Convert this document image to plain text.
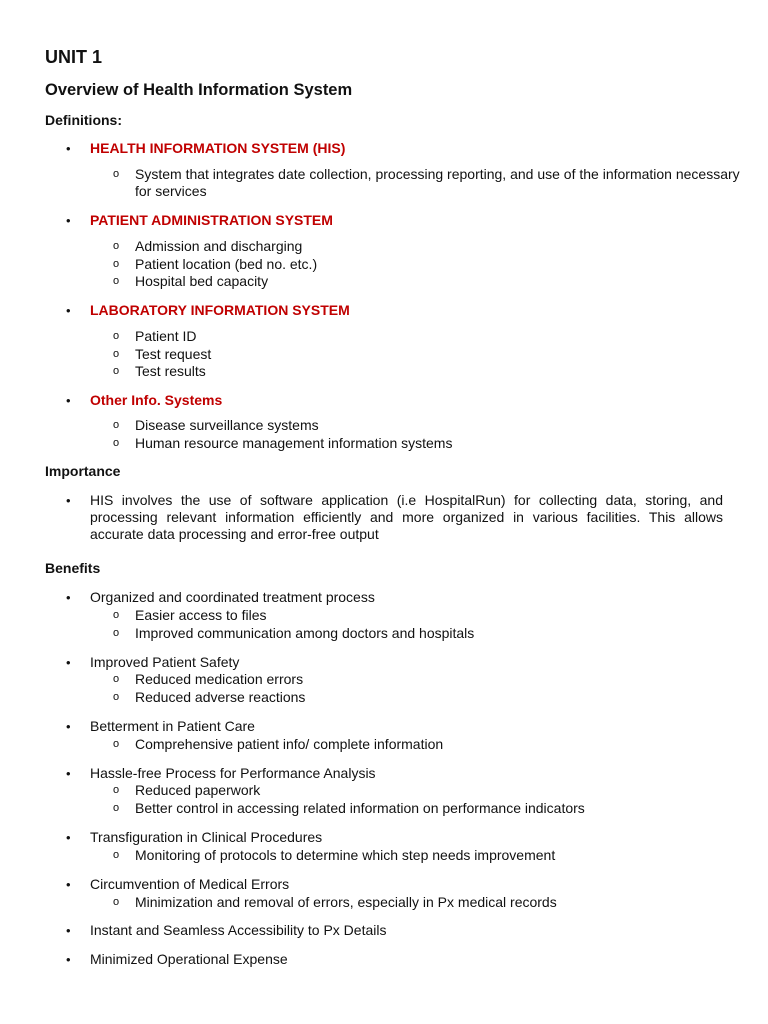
UNIT 1
Overview of Health Information System
Definitions:
• HEALTH INFORMATION SYSTEM (HIS)
o System that integrates date collection, processing reporting, and use of the information necessary
for services
• PATIENT ADMINISTRATION SYSTEM
o Admission and discharging
o Patient location (bed no. etc.)
o Hospital bed capacity
• LABORATORY INFORMATION SYSTEM
o Patient ID
o Test request
o Test results
• Other Info. Systems
o Disease surveillance systems
o Human resource management information systems
Importance
• HIS involves the use of software application (i.e HospitalRun) for collecting data, storing, and processing relevant information efficiently and more organized in various facilities. This allows accurate data processing and error-free output
Benefits
• Organized and coordinated treatment process
o Easier access to files
o Improved communication among doctors and hospitals
• Improved Patient Safety
o Reduced medication errors
o Reduced adverse reactions
• Betterment in Patient Care
o Comprehensive patient info/ complete information
• Hassle-free Process for Performance Analysis
o Reduced paperwork
o Better control in accessing related information on performance indicators
• Transfiguration in Clinical Procedures
o Monitoring of protocols to determine which step needs improvement
• Circumvention of Medical Errors
o Minimization and removal of errors, especially in Px medical records
• Instant and Seamless Accessibility to Px Details
• Minimized Operational Expense
